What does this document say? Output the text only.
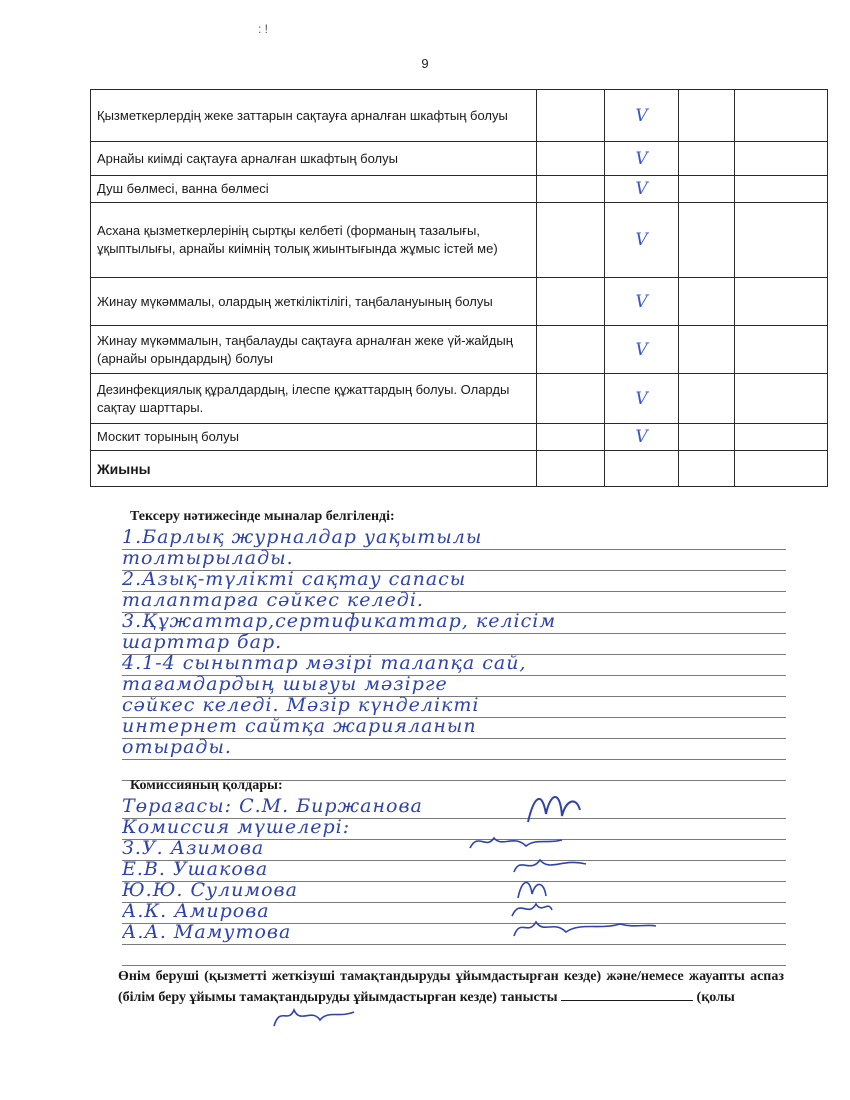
: !
9
Қызметкерлердің жеке заттарын сақтауға арналған шкафтың болуы		V		
Арнайы киімді сақтауға арналған шкафтың болуы		V		
Душ бөлмесі, ванна бөлмесі		V		
Асхана қызметкерлерінің сыртқы келбеті (форманың тазалығы, ұқыптылығы, арнайы киімнің толық жиынтығында жұмыс істей ме)		V		
Жинау мүкәммалы, олардың жеткіліктілігі, таңбалануының болуы		V		
Жинау мүкәммалын, таңбалауды сақтауға арналған жеке үй-жайдың (арнайы орындардың) болуы		V		
Дезинфекциялық құралдардың, ілеспе құжаттардың болуы. Оларды сақтау шарттары.		V		
Москит торының болуы		V		
Жиыны				
Тексеру нәтижесінде мыналар белгіленді:
1.Барлық журналдар уақытылы
толтырылады.
2.Азық-түлікті сақтау сапасы
талаптарға сәйкес келеді.
3.Құжаттар,сертификаттар, келісім
шарттар бар.
4.1-4 сыныптар мәзірі талапқа сай,
тағамдардың шығуы мәзірге
сәйкес келеді. Мәзір күнделікті
интернет сайтқа жарияланып
отырады.
Комиссияның қолдары:
Төрағасы: С.М. Биржанова
Комиссия мүшелері:
З.У. Азимова
Е.В. Ушакова
Ю.Ю. Сулимова
А.К. Амирова
А.А. Мамутова
Өнім беруші (қызметті жеткізуші тамақтандыруды ұйымдастырған кезде) және/немесе жауапты аспаз (білім беру ұйымы тамақтандыруды ұйымдастырған кезде) танысты	(қолы
